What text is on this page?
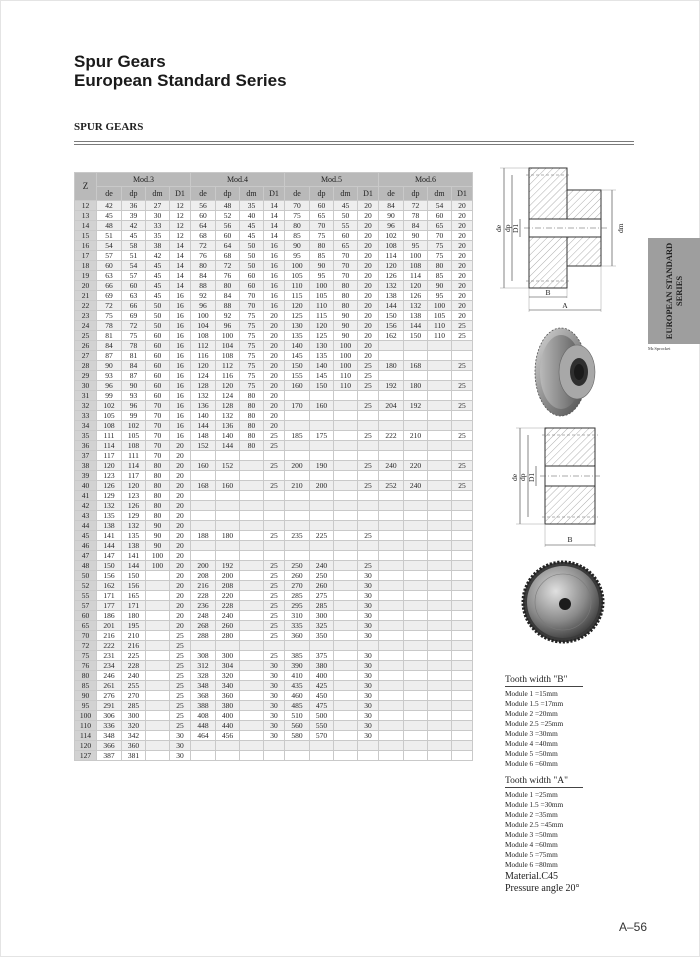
Spur Gears
European Standard Series
SPUR GEARS
Z	Mod.3				Mod.4				Mod.5				Mod.6			
	de	dp	dm	D1	de	dp	dm	D1	de	dp	dm	D1	de	dp	dm	D1
12	42	36	27	12	56	48	35	14	70	60	45	20	84	72	54	20
13	45	39	30	12	60	52	40	14	75	65	50	20	90	78	60	20
14	48	42	33	12	64	56	45	14	80	70	55	20	96	84	65	20
15	51	45	35	12	68	60	45	14	85	75	60	20	102	90	70	20
16	54	58	38	14	72	64	50	16	90	80	65	20	108	95	75	20
17	57	51	42	14	76	68	50	16	95	85	70	20	114	100	75	20
18	60	54	45	14	80	72	50	16	100	90	70	20	120	108	80	20
19	63	57	45	14	84	76	60	16	105	95	70	20	126	114	85	20
20	66	60	45	14	88	80	60	16	110	100	80	20	132	120	90	20
21	69	63	45	16	92	84	70	16	115	105	80	20	138	126	95	20
22	72	66	50	16	96	88	70	16	120	110	80	20	144	132	100	20
23	75	69	50	16	100	92	75	20	125	115	90	20	150	138	105	20
24	78	72	50	16	104	96	75	20	130	120	90	20	156	144	110	25
25	81	75	60	16	108	100	75	20	135	125	90	20	162	150	110	25
26	84	78	60	16	112	104	75	20	140	130	100	20				
27	87	81	60	16	116	108	75	20	145	135	100	20				
28	90	84	60	16	120	112	75	20	150	140	100	25	180	168		25
29	93	87	60	16	124	116	75	20	155	145	110	25				
30	96	90	60	16	128	120	75	20	160	150	110	25	192	180		25
31	99	93	60	16	132	124	80	20								
32	102	96	70	16	136	128	80	20	170	160		25	204	192		25
33	105	99	70	16	140	132	80	20								
34	108	102	70	16	144	136	80	20								
35	111	105	70	16	148	140	80	25	185	175		25	222	210		25
36	114	108	70	20	152	144	80	25								
37	117	111	70	20												
38	120	114	80	20	160	152		25	200	190		25	240	220		25
39	123	117	80	20												
40	126	120	80	20	168	160		25	210	200		25	252	240		25
41	129	123	80	20												
42	132	126	80	20												
43	135	129	80	20												
44	138	132	90	20												
45	141	135	90	20	188	180		25	235	225		25				
46	144	138	90	20												
47	147	141	100	20												
48	150	144	100	20	200	192		25	250	240		25				
50	156	150		20	208	200		25	260	250		30				
52	162	156		20	216	208		25	270	260		30				
55	171	165		20	228	220		25	285	275		30				
57	177	171		20	236	228		25	295	285		30				
60	186	180		20	248	240		25	310	300		30				
65	201	195		20	268	260		25	335	325		30				
70	216	210		25	288	280		25	360	350		30				
72	222	216		25												
75	231	225		25	308	300		25	385	375		30				
76	234	228		25	312	304		30	390	380		30				
80	246	240		25	328	320		30	410	400		30				
85	261	255		25	348	340		30	435	425		30				
90	276	270		25	368	360		30	460	450		30				
95	291	285		25	388	380		30	485	475		30				
100	306	300		25	408	400		30	510	500		30				
110	336	320		25	448	440		30	560	550		30				
114	348	342		30	464	456		30	580	570		30				
120	366	360		30												
127	387	381		30												
de dp D1	dm
B
A
de dp D1
B
EUROPEAN STANDARD SERIES
Mr.Sprocket
Tooth width "B"
Module 1 =15mm
Module 1.5 =17mm
Module 2 =20mm
Module 2.5 =25mm
Module 3 =30mm
Module 4 =40mm
Module 5 =50mm
Module 6 =60mm
Tooth width "A"
Module 1 =25mm
Module 1.5 =30mm
Module 2 =35mm
Module 2.5 =45mm
Module 3 =50mm
Module 4 =60mm
Module 5 =75mm
Module 6 =80mm
Material.C45
Pressure angle 20°
A–56
